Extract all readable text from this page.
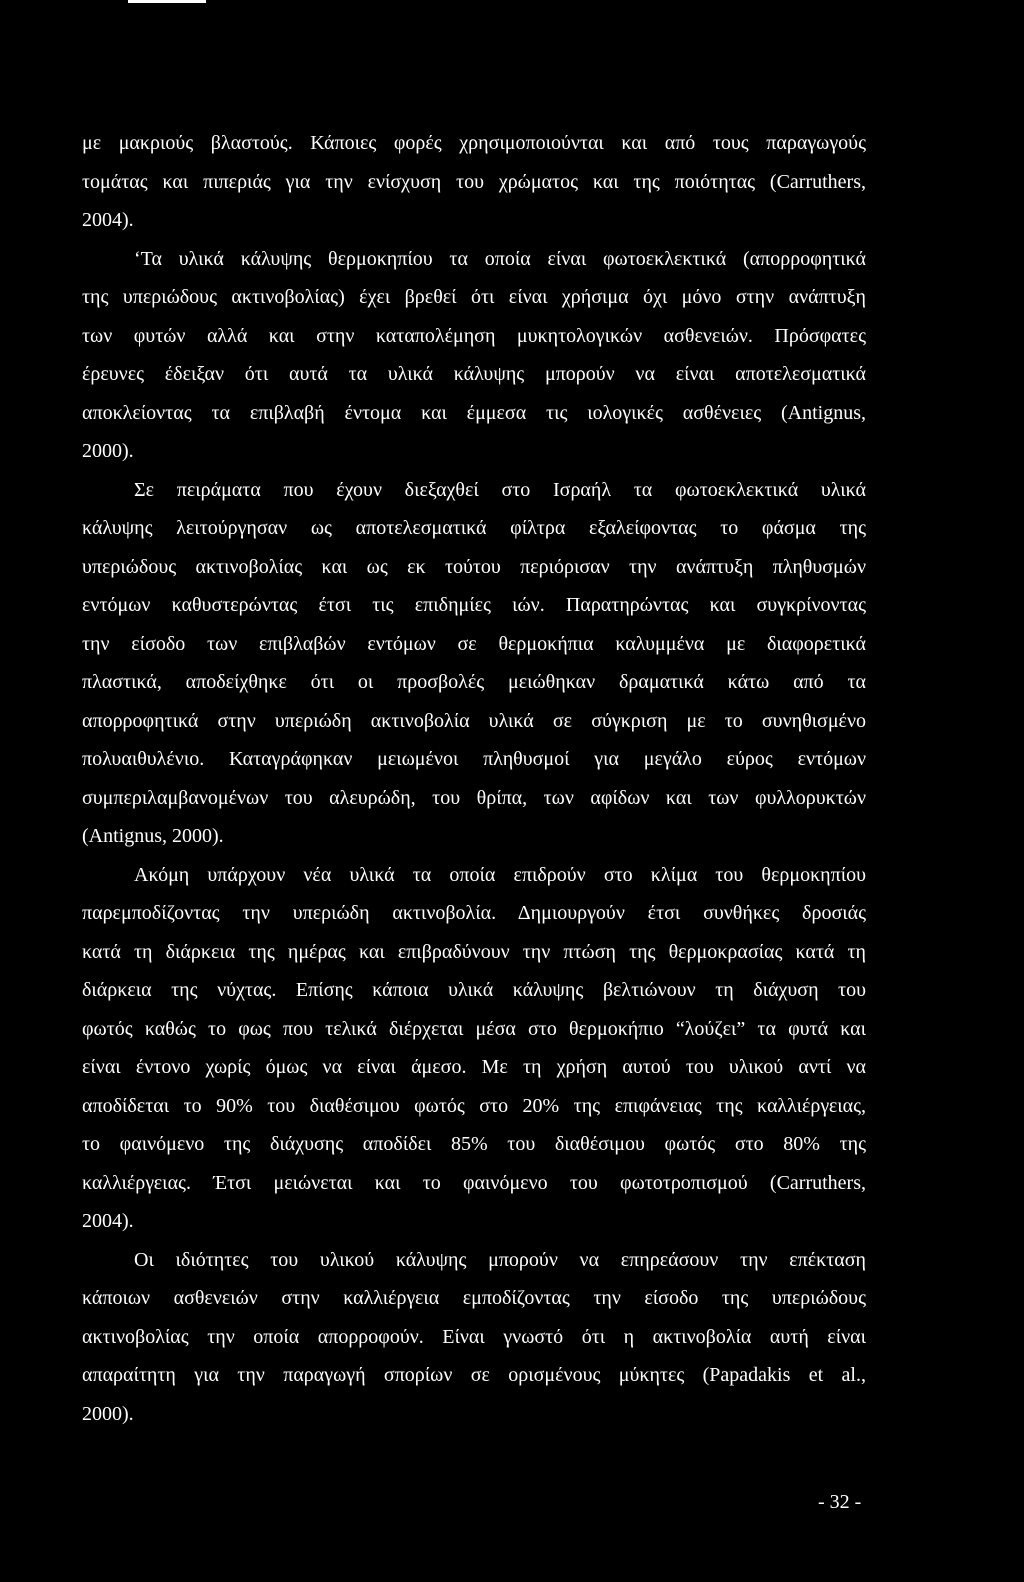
με μακριούς βλαστούς. Κάποιες φορές χρησιμοποιούνται και από τους παραγωγούς
τομάτας και πιπεριάς για την ενίσχυση του χρώματος και της ποιότητας (Carruthers,
2004).
‘Τα υλικά κάλυψης θερμοκηπίου τα οποία είναι φωτοεκλεκτικά (απορροφητικά
της υπεριώδους ακτινοβολίας) έχει βρεθεί ότι είναι χρήσιμα όχι μόνο στην ανάπτυξη
των φυτών αλλά και στην καταπολέμηση μυκητολογικών ασθενειών. Πρόσφατες
έρευνες έδειξαν ότι αυτά τα υλικά κάλυψης μπορούν να είναι αποτελεσματικά
αποκλείοντας τα επιβλαβή έντομα και έμμεσα τις ιολογικές ασθένειες (Antignus,
2000).
Σε πειράματα που έχουν διεξαχθεί στο Ισραήλ τα φωτοεκλεκτικά υλικά
κάλυψης λειτούργησαν ως αποτελεσματικά φίλτρα εξαλείφοντας το φάσμα της
υπεριώδους ακτινοβολίας και ως εκ τούτου περιόρισαν την ανάπτυξη πληθυσμών
εντόμων καθυστερώντας έτσι τις επιδημίες ιών. Παρατηρώντας και συγκρίνοντας
την είσοδο των επιβλαβών εντόμων σε θερμοκήπια καλυμμένα με διαφορετικά
πλαστικά, αποδείχθηκε ότι οι προσβολές μειώθηκαν δραματικά κάτω από τα
απορροφητικά στην υπεριώδη ακτινοβολία υλικά σε σύγκριση με το συνηθισμένο
πολυαιθυλένιο. Καταγράφηκαν μειωμένοι πληθυσμοί για μεγάλο εύρος εντόμων
συμπεριλαμβανομένων του αλευρώδη, του θρίπα, των αφίδων και των φυλλορυκτών
(Antignus, 2000).
Ακόμη υπάρχουν νέα υλικά τα οποία επιδρούν στο κλίμα του θερμοκηπίου
παρεμποδίζοντας την υπεριώδη ακτινοβολία. Δημιουργούν έτσι συνθήκες δροσιάς
κατά τη διάρκεια της ημέρας και επιβραδύνουν την πτώση της θερμοκρασίας κατά τη
διάρκεια της νύχτας. Επίσης κάποια υλικά κάλυψης βελτιώνουν τη διάχυση του
φωτός καθώς το φως που τελικά διέρχεται μέσα στο θερμοκήπιο “λούζει” τα φυτά και
είναι έντονο χωρίς όμως να είναι άμεσο. Με τη χρήση αυτού του υλικού αντί να
αποδίδεται το 90% του διαθέσιμου φωτός στο 20% της επιφάνειας της καλλιέργειας,
το φαινόμενο της διάχυσης αποδίδει 85% του διαθέσιμου φωτός στο 80% της
καλλιέργειας. Έτσι μειώνεται και το φαινόμενο του φωτοτροπισμού (Carruthers,
2004).
Οι ιδιότητες του υλικού κάλυψης μπορούν να επηρεάσουν την επέκταση
κάποιων ασθενειών στην καλλιέργεια εμποδίζοντας την είσοδο της υπεριώδους
ακτινοβολίας την οποία απορροφούν. Είναι γνωστό ότι η ακτινοβολία αυτή είναι
απαραίτητη για την παραγωγή σπορίων σε ορισμένους μύκητες (Papadakis et al.,
2000).
- 32 -
